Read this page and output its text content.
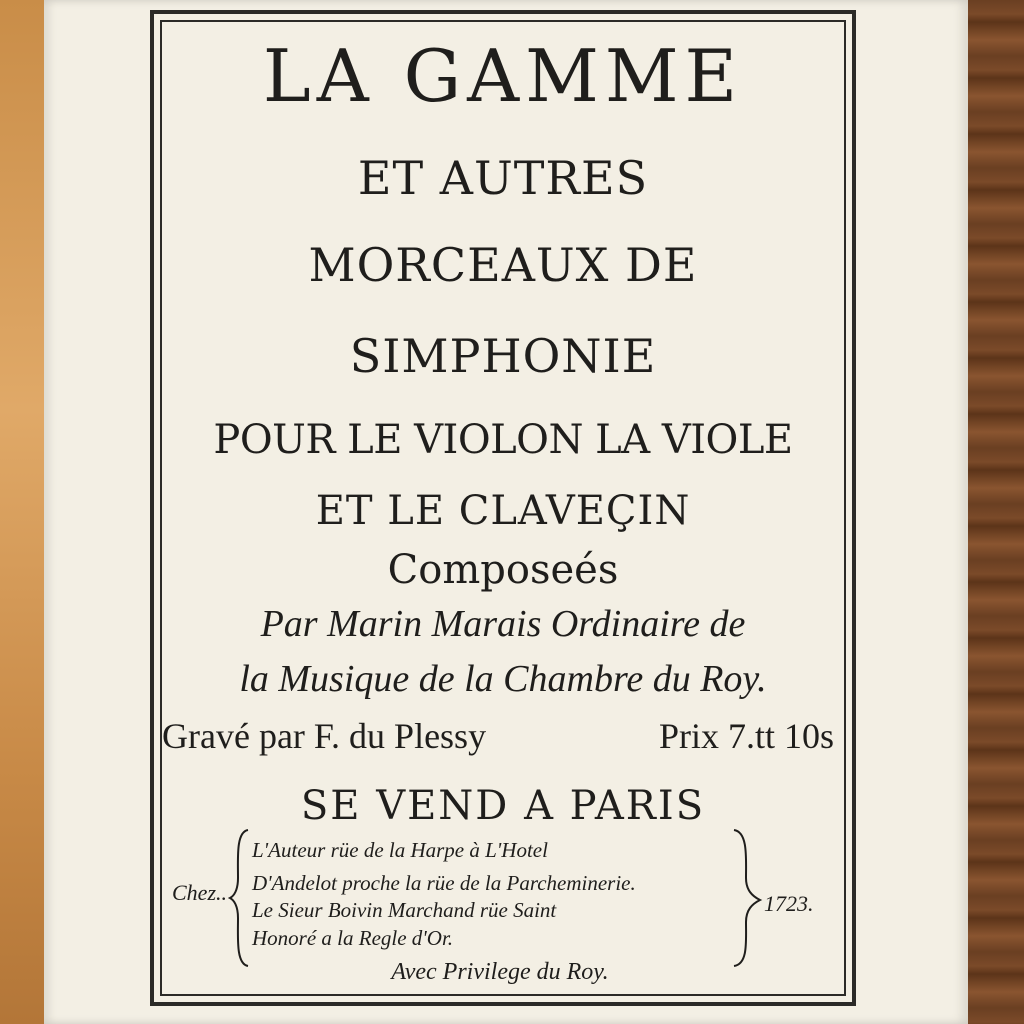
LA GAMME
ET AUTRES
MORCEAUX DE
SIMPHONIE
POUR LE VIOLON LA VIOLE
ET LE CLAVEÇIN
Composeés
Par Marin Marais Ordinaire de
la Musique de la Chambre du Roy.
Gravé par F. du Plessy	Prix 7.tt 10s
SE VEND A PARIS
Chez..
L'Auteur rüe de la Harpe à L'Hotel
D'Andelot proche la rüe de la Parcheminerie.
Le Sieur Boivin Marchand rüe Saint
Honoré a la Regle d'Or.
1723.
Avec Privilege du Roy.
